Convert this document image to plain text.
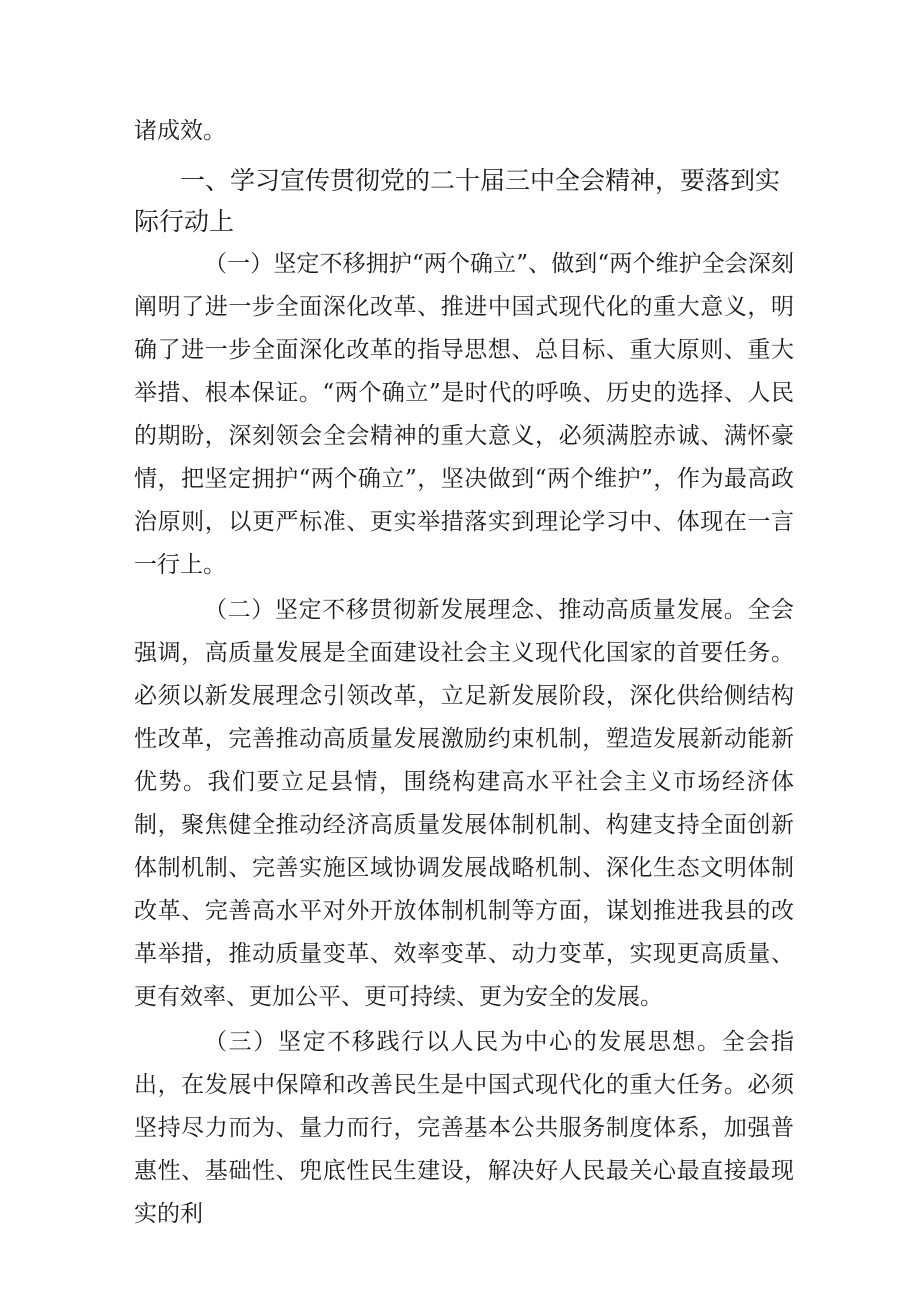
诸成效。

一、学习宣传贯彻党的二十届三中全会精神，要落到实际行动上

（一）坚定不移拥护“两个确立”、做到“两个维护全会深刻阐明了进一步全面深化改革、推进中国式现代化的重大意义，明确了进一步全面深化改革的指导思想、总目标、重大原则、重大举措、根本保证。“两个确立”是时代的呼唤、历史的选择、人民的期盼，深刻领会全会精神的重大意义，必须满腔赤诚、满怀豪情，把坚定拥护“两个确立”，坚决做到“两个维护”，作为最高政治原则，以更严标准、更实举措落实到理论学习中、体现在一言一行上。

（二）坚定不移贯彻新发展理念、推动高质量发展。全会强调，高质量发展是全面建设社会主义现代化国家的首要任务。必须以新发展理念引领改革，立足新发展阶段，深化供给侧结构性改革，完善推动高质量发展激励约束机制，塑造发展新动能新优势。我们要立足县情，围绕构建高水平社会主义市场经济体制，聚焦健全推动经济高质量发展体制机制、构建支持全面创新体制机制、完善实施区域协调发展战略机制、深化生态文明体制改革、完善高水平对外开放体制机制等方面，谋划推进我县的改革举措，推动质量变革、效率变革、动力变革，实现更高质量、更有效率、更加公平、更可持续、更为安全的发展。

（三）坚定不移践行以人民为中心的发展思想。全会指出，在发展中保障和改善民生是中国式现代化的重大任务。必须坚持尽力而为、量力而行，完善基本公共服务制度体系，加强普惠性、基础性、兜底性民生建设，解决好人民最关心最直接最现实的利
